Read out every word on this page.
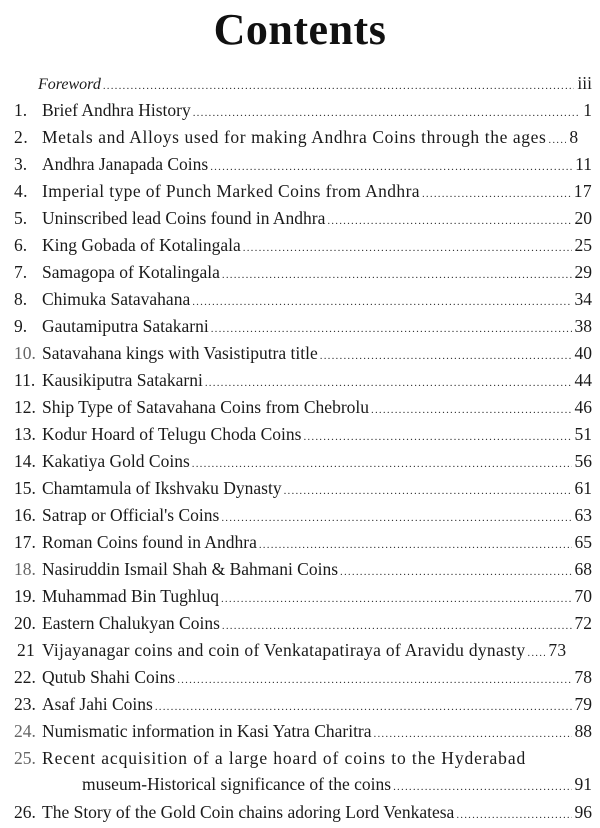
Contents
Foreword .....	iii
1. Brief Andhra History .....	1
2. Metals and Alloys used for making Andhra Coins through the ages ..... 8
3. Andhra Janapada Coins .....	11
4. Imperial type of Punch Marked Coins from Andhra .....	17
5. Uninscribed lead Coins found in Andhra .....	20
6. King Gobada of Kotalingala .....	25
7. Samagopa of Kotalingala .....	29
8. Chimuka Satavahana .....	34
9. Gautamiputra Satakarni .....	38
10. Satavahana kings with Vasistiputra title .....	40
11. Kausikiputra Satakarni .....	44
12. Ship Type of Satavahana Coins from Chebrolu .....	46
13. Kodur Hoard of Telugu Choda Coins .....	51
14. Kakatiya Gold Coins .....	56
15. Chamtamula of Ikshvaku Dynasty .....	61
16. Satrap or Official's Coins .....	63
17. Roman Coins found in Andhra .....	65
18. Nasiruddin Ismail Shah & Bahmani Coins .....	68
19. Muhammad Bin Tughluq .....	70
20. Eastern Chalukyan Coins .....	72
21 Vijayanagar coins and coin of Venkatapatiraya of Aravidu dynasty ..... 73
22. Qutub Shahi Coins .....	78
23. Asaf Jahi Coins .....	79
24. Numismatic information in Kasi Yatra Charitra .....	88
25. Recent acquisition of a large hoard of coins to the Hyderabad
museum-Historical significance of the coins .....	91
26. The Story of the Gold Coin chains adoring Lord Venkatesa .....	96
